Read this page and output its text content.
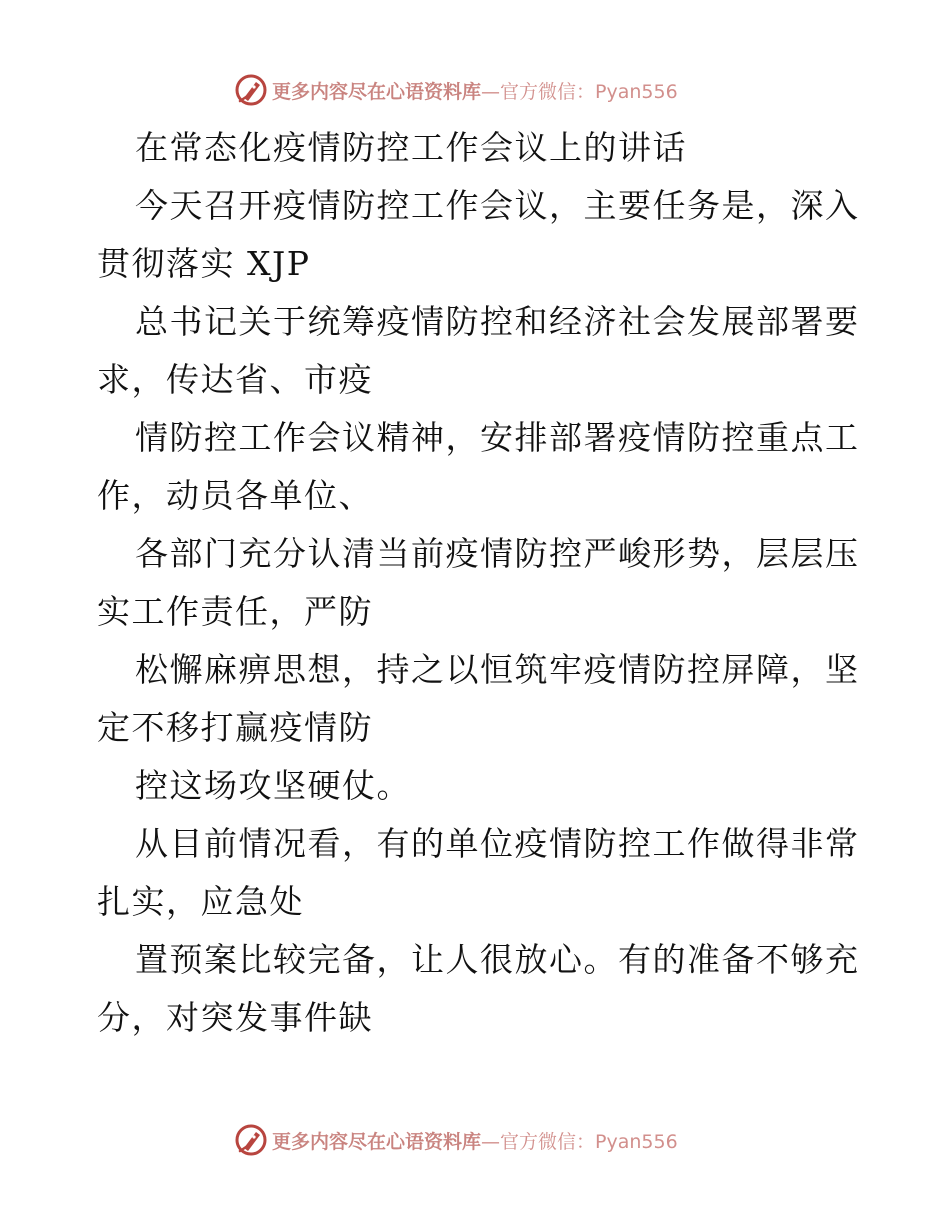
更多内容尽在心语资料库 —官方微信：Pyan556
在常态化疫情防控工作会议上的讲话
今天召开疫情防控工作会议，主要任务是，深入
贯彻落实 XJP
总书记关于统筹疫情防控和经济社会发展部署要
求，传达省、市疫
情防控工作会议精神，安排部署疫情防控重点工
作，动员各单位、
各部门充分认清当前疫情防控严峻形势，层层压
实工作责任，严防
松懈麻痹思想，持之以恒筑牢疫情防控屏障，坚
定不移打赢疫情防
控这场攻坚硬仗。
从目前情况看，有的单位疫情防控工作做得非常
扎实，应急处
置预案比较完备，让人很放心。有的准备不够充
分，对突发事件缺
更多内容尽在心语资料库 —官方微信：Pyan556
